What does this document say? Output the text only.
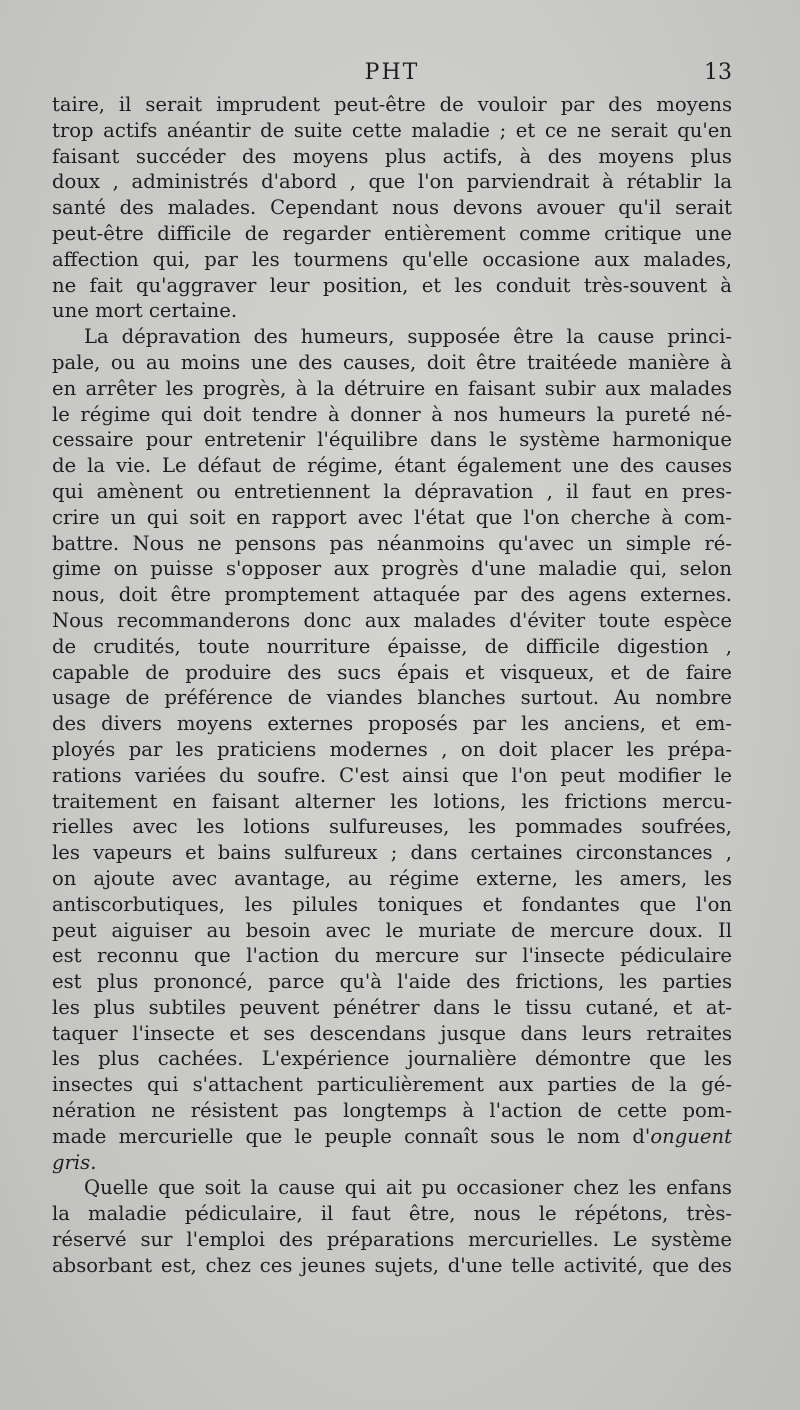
PHT	13
taire, il serait imprudent peut-être de vouloir par des moyens
trop actifs anéantir de suite cette maladie ; et ce ne serait qu'en
faisant succéder des moyens plus actifs, à des moyens plus
doux , administrés d'abord , que l'on parviendrait à rétablir la
santé des malades. Cependant nous devons avouer qu'il serait
peut-être difficile de regarder entièrement comme critique une
affection qui, par les tourmens qu'elle occasione aux malades,
ne fait qu'aggraver leur position, et les conduit très-souvent à
une mort certaine.
La dépravation des humeurs, supposée être la cause princi-
pale, ou au moins une des causes, doit être traitéede manière à
en arrêter les progrès, à la détruire en faisant subir aux malades
le régime qui doit tendre à donner à nos humeurs la pureté né-
cessaire pour entretenir l'équilibre dans le système harmonique
de la vie. Le défaut de régime, étant également une des causes
qui amènent ou entretiennent la dépravation , il faut en pres-
crire un qui soit en rapport avec l'état que l'on cherche à com-
battre. Nous ne pensons pas néanmoins qu'avec un simple ré-
gime on puisse s'opposer aux progrès d'une maladie qui, selon
nous, doit être promptement attaquée par des agens externes.
Nous recommanderons donc aux malades d'éviter toute espèce
de crudités, toute nourriture épaisse, de difficile digestion ,
capable de produire des sucs épais et visqueux, et de faire
usage de préférence de viandes blanches surtout. Au nombre
des divers moyens externes proposés par les anciens, et em-
ployés par les praticiens modernes , on doit placer les prépa-
rations variées du soufre. C'est ainsi que l'on peut modifier le
traitement en faisant alterner les lotions, les frictions mercu-
rielles avec les lotions sulfureuses, les pommades soufrées,
les vapeurs et bains sulfureux ; dans certaines circonstances ,
on ajoute avec avantage, au régime externe, les amers, les
antiscorbutiques, les pilules toniques et fondantes que l'on
peut aiguiser au besoin avec le muriate de mercure doux. Il
est reconnu que l'action du mercure sur l'insecte pédiculaire
est plus prononcé, parce qu'à l'aide des frictions, les parties
les plus subtiles peuvent pénétrer dans le tissu cutané, et at-
taquer l'insecte et ses descendans jusque dans leurs retraites
les plus cachées. L'expérience journalière démontre que les
insectes qui s'attachent particulièrement aux parties de la gé-
nération ne résistent pas longtemps à l'action de cette pom-
made mercurielle que le peuple connaît sous le nom d'onguent
gris.
Quelle que soit la cause qui ait pu occasioner chez les enfans
la maladie pédiculaire, il faut être, nous le répétons, très-
réservé sur l'emploi des préparations mercurielles. Le système
absorbant est, chez ces jeunes sujets, d'une telle activité, que des
